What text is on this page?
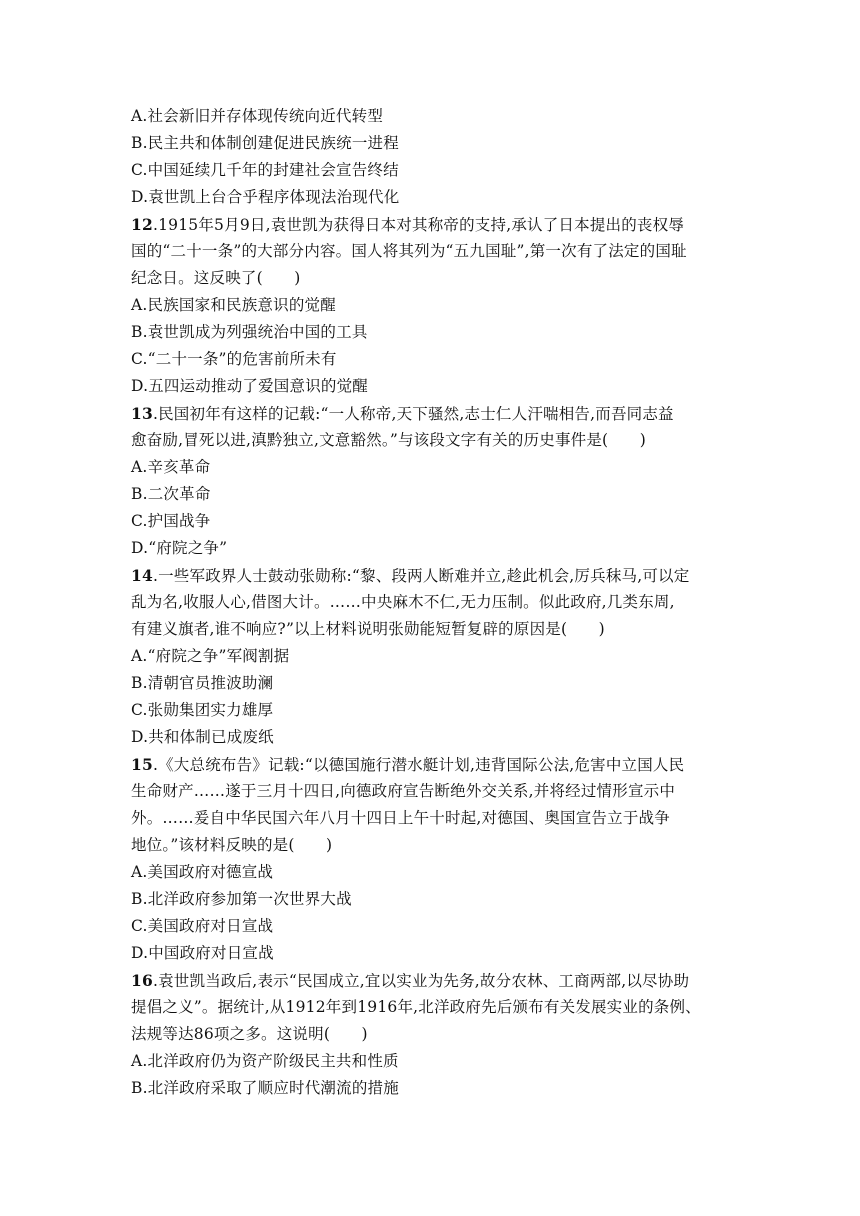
A.社会新旧并存体现传统向近代转型
B.民主共和体制创建促进民族统一进程
C.中国延续几千年的封建社会宣告终结
D.袁世凯上台合乎程序体现法治现代化
12.1915年5月9日,袁世凯为获得日本对其称帝的支持,承认了日本提出的丧权辱
国的“二十一条”的大部分内容。国人将其列为“五九国耻”,第一次有了法定的国耻
纪念日。这反映了(　　)
A.民族国家和民族意识的觉醒
B.袁世凯成为列强统治中国的工具
C.“二十一条”的危害前所未有
D.五四运动推动了爱国意识的觉醒
13.民国初年有这样的记载:“一人称帝,天下骚然,志士仁人汗喘相告,而吾同志益
愈奋励,冒死以进,滇黔独立,文意豁然。”与该段文字有关的历史事件是(　　)
A.辛亥革命
B.二次革命
C.护国战争
D.“府院之争”
14.一些军政界人士鼓动张勋称:“黎、段两人断难并立,趁此机会,厉兵秣马,可以定
乱为名,收服人心,借图大计。……中央麻木不仁,无力压制。似此政府,几类东周,
有建义旗者,谁不响应?”以上材料说明张勋能短暂复辟的原因是(　　)
A.“府院之争”军阀割据
B.清朝官员推波助澜
C.张勋集团实力雄厚
D.共和体制已成废纸
15.《大总统布告》记载:“以德国施行潜水艇计划,违背国际公法,危害中立国人民
生命财产……遂于三月十四日,向德政府宣告断绝外交关系,并将经过情形宣示中
外。……爰自中华民国六年八月十四日上午十时起,对德国、奥国宣告立于战争
地位。”该材料反映的是(　　)
A.美国政府对德宣战
B.北洋政府参加第一次世界大战
C.美国政府对日宣战
D.中国政府对日宣战
16.袁世凯当政后,表示“民国成立,宜以实业为先务,故分农林、工商两部,以尽协助
提倡之义”。据统计,从1912年到1916年,北洋政府先后颁布有关发展实业的条例、
法规等达86项之多。这说明(　　)
A.北洋政府仍为资产阶级民主共和性质
B.北洋政府采取了顺应时代潮流的措施
